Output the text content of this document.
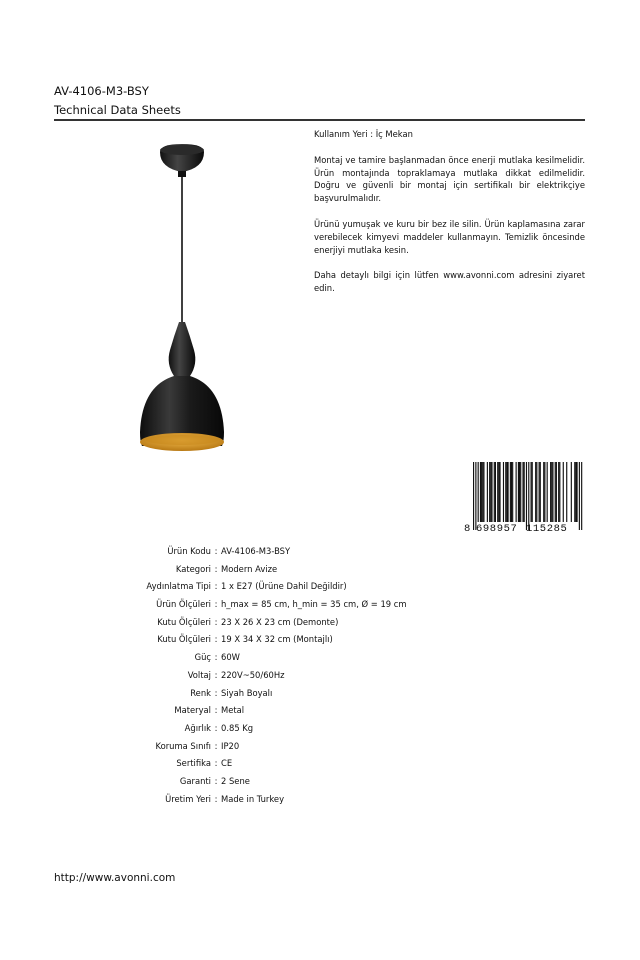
AV-4106-M3-BSY
Technical Data Sheets

Kullanım Yeri : İç Mekan

Montaj ve tamire başlanmadan önce enerji mutlaka kesilmelidir. Ürün montajında topraklamaya mutlaka dikkat edilmelidir. Doğru ve güvenli bir montaj için sertifikalı bir elektrikçiye başvurulmalıdır.

Ürünü yumuşak ve kuru bir bez ile silin. Ürün kaplamasına zarar verebilecek kimyevi maddeler kullanmayın. Temizlik öncesinde enerjiyi mutlaka kesin.

Daha detaylı bilgi için lütfen www.avonni.com adresini ziyaret edin.

8 698957 115285
Ürün Kodu : AV-4106-M3-BSY
Kategori : Modern Avize
Aydınlatma Tipi : 1 x E27 (Ürüne Dahil Değildir)
Ürün Ölçüleri : h_max = 85 cm, h_min = 35 cm, Ø = 19 cm
Kutu Ölçüleri : 23 X 26 X 23 cm (Demonte)
Kutu Ölçüleri : 19 X 34 X 32 cm (Montajlı)
Güç : 60W
Voltaj : 220V~50/60Hz
Renk : Siyah Boyalı
Materyal : Metal
Ağırlık : 0.85 Kg
Koruma Sınıfı : IP20
Sertifika : CE
Garanti : 2 Sene
Üretim Yeri : Made in Turkey
http://www.avonni.com
